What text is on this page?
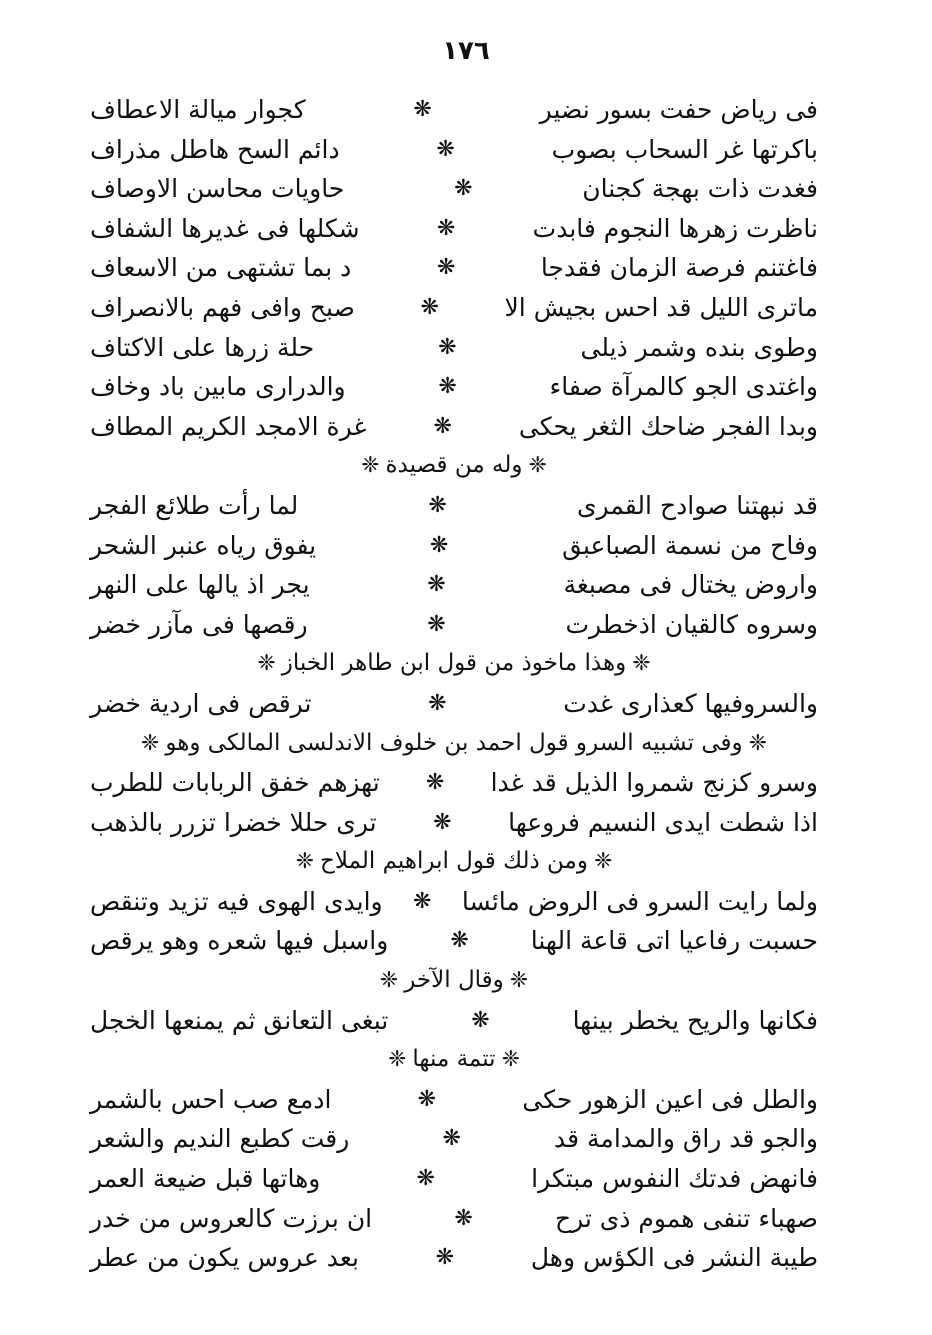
١٧٦
فى رياض حفت بسور نضير
❋
كجوار ميالة الاعطاف
باكرتها غر السحاب بصوب
❋
دائم السح هاطل مذراف
فغدت ذات بهجة كجنان
❋
حاويات محاسن الاوصاف
ناظرت زهرها النجوم فابدت
❋
شكلها فى غديرها الشفاف
فاغتنم فرصة الزمان فقدجا
❋
د بما تشتهى من الاسعاف
ماترى الليل قد احس بجيش الا
❋
صبح وافى فهم بالانصراف
وطوى بنده وشمر ذيلى
❋
حلة زرها على الاكتاف
واغتدى الجو كالمرآة صفاء
❋
والدرارى مابين باد وخاف
وبدا الفجر ضاحك الثغر يحكى
❋
غرة الامجد الكريم المطاف
❈وله من قصيدة❈
قد نبهتنا صوادح القمرى
❋
لما رأت طلائع الفجر
وفاح من نسمة الصباعبق
❋
يفوق رياه عنبر الشحر
واروض يختال فى مصبغة
❋
يجر اذ يالها على النهر
وسروه كالقيان اذخطرت
❋
رقصها فى مآزر خضر
❈وهذا ماخوذ من قول ابن طاهر الخباز❈
والسروفيها كعذارى غدت
❋
ترقص فى اردية خضر
❈وفى تشبيه السرو قول احمد بن خلوف الاندلسى المالكى وهو❈
وسرو كزنج شمروا الذيل قد غدا
❋
تهزهم خفق الربابات للطرب
اذا شطت ايدى النسيم فروعها
❋
ترى حللا خضرا تزرر بالذهب
❈ومن ذلك قول ابراهيم الملاح❈
ولما رايت السرو فى الروض مائسا
❋
وايدى الهوى فيه تزيد وتنقص
حسبت رفاعيا اتى قاعة الهنا
❋
واسبل فيها شعره وهو يرقص
❈وقال الآخر❈
فكانها والريح يخطر بينها
❋
تبغى التعانق ثم يمنعها الخجل
❈تتمة منها❈
والطل فى اعين الزهور حكى
❋
ادمع صب احس بالشمر
والجو قد راق والمدامة قد
❋
رقت كطبع النديم والشعر
فانهض فدتك النفوس مبتكرا
❋
وهاتها قبل ضيعة العمر
صهباء تنفى هموم ذى ترح
❋
ان برزت كالعروس من خدر
طيبة النشر فى الكؤس وهل
❋
بعد عروس يكون من عطر
